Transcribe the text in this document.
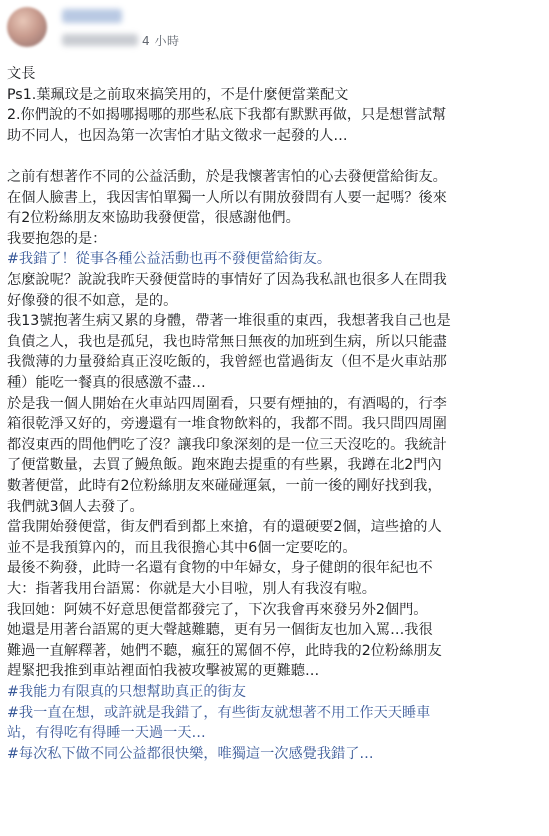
4 小時
文長
Ps1.葉珮玟是之前取來搞笑用的，不是什麼便當業配文
2.你們說的不如揭哪揭哪的那些私底下我都有默默再做，只是想嘗試幫
助不同人，也因為第一次害怕才貼文徵求一起發的人…
之前有想著作不同的公益活動，於是我懷著害怕的心去發便當給街友。
在個人臉書上，我因害怕單獨一人所以有開放發問有人要一起嗎？後來
有2位粉絲朋友來協助我發便當，很感謝他們。
我要抱怨的是：
#我錯了！從事各種公益活動也再不發便當給街友。
怎麼說呢？說說我昨天發便當時的事情好了因為我私訊也很多人在問我
好像發的很不如意，是的。
我13號抱著生病又累的身體，帶著一堆很重的東西，我想著我自己也是
負債之人，我也是孤兒，我也時常無日無夜的加班到生病，所以只能盡
我微薄的力量發給真正沒吃飯的，我曾經也當過街友（但不是火車站那
種）能吃一餐真的很感激不盡…
於是我一個人開始在火車站四周圍看，只要有煙抽的，有酒喝的，行李
箱很乾淨又好的，旁邊還有一堆食物飲料的，我都不問。我只問四周圍
都沒東西的問他們吃了沒？讓我印象深刻的是一位三天沒吃的。我統計
了便當數量，去買了鰻魚飯。跑來跑去提重的有些累，我蹲在北2門內
數著便當，此時有2位粉絲朋友來碰碰運氣，一前一後的剛好找到我，
我們就3個人去發了。
當我開始發便當，街友們看到都上來搶，有的還硬要2個，這些搶的人
並不是我預算內的，而且我很擔心其中6個一定要吃的。
最後不夠發，此時一名還有食物的中年婦女，身子健朗的很年紀也不
大：指著我用台語罵：你就是大小目啦，別人有我沒有啦。
我回她：阿姨不好意思便當都發完了，下次我會再來發另外2個門。
她還是用著台語罵的更大聲越難聽，更有另一個街友也加入罵…我很
難過一直解釋著，她們不聽，瘋狂的罵個不停，此時我的2位粉絲朋友
趕緊把我推到車站裡面怕我被攻擊被罵的更難聽…
#我能力有限真的只想幫助真正的街友
#我一直在想，或許就是我錯了，有些街友就想著不用工作天天睡車
站，有得吃有得睡一天過一天…
#每次私下做不同公益都很快樂，唯獨這一次感覺我錯了…
